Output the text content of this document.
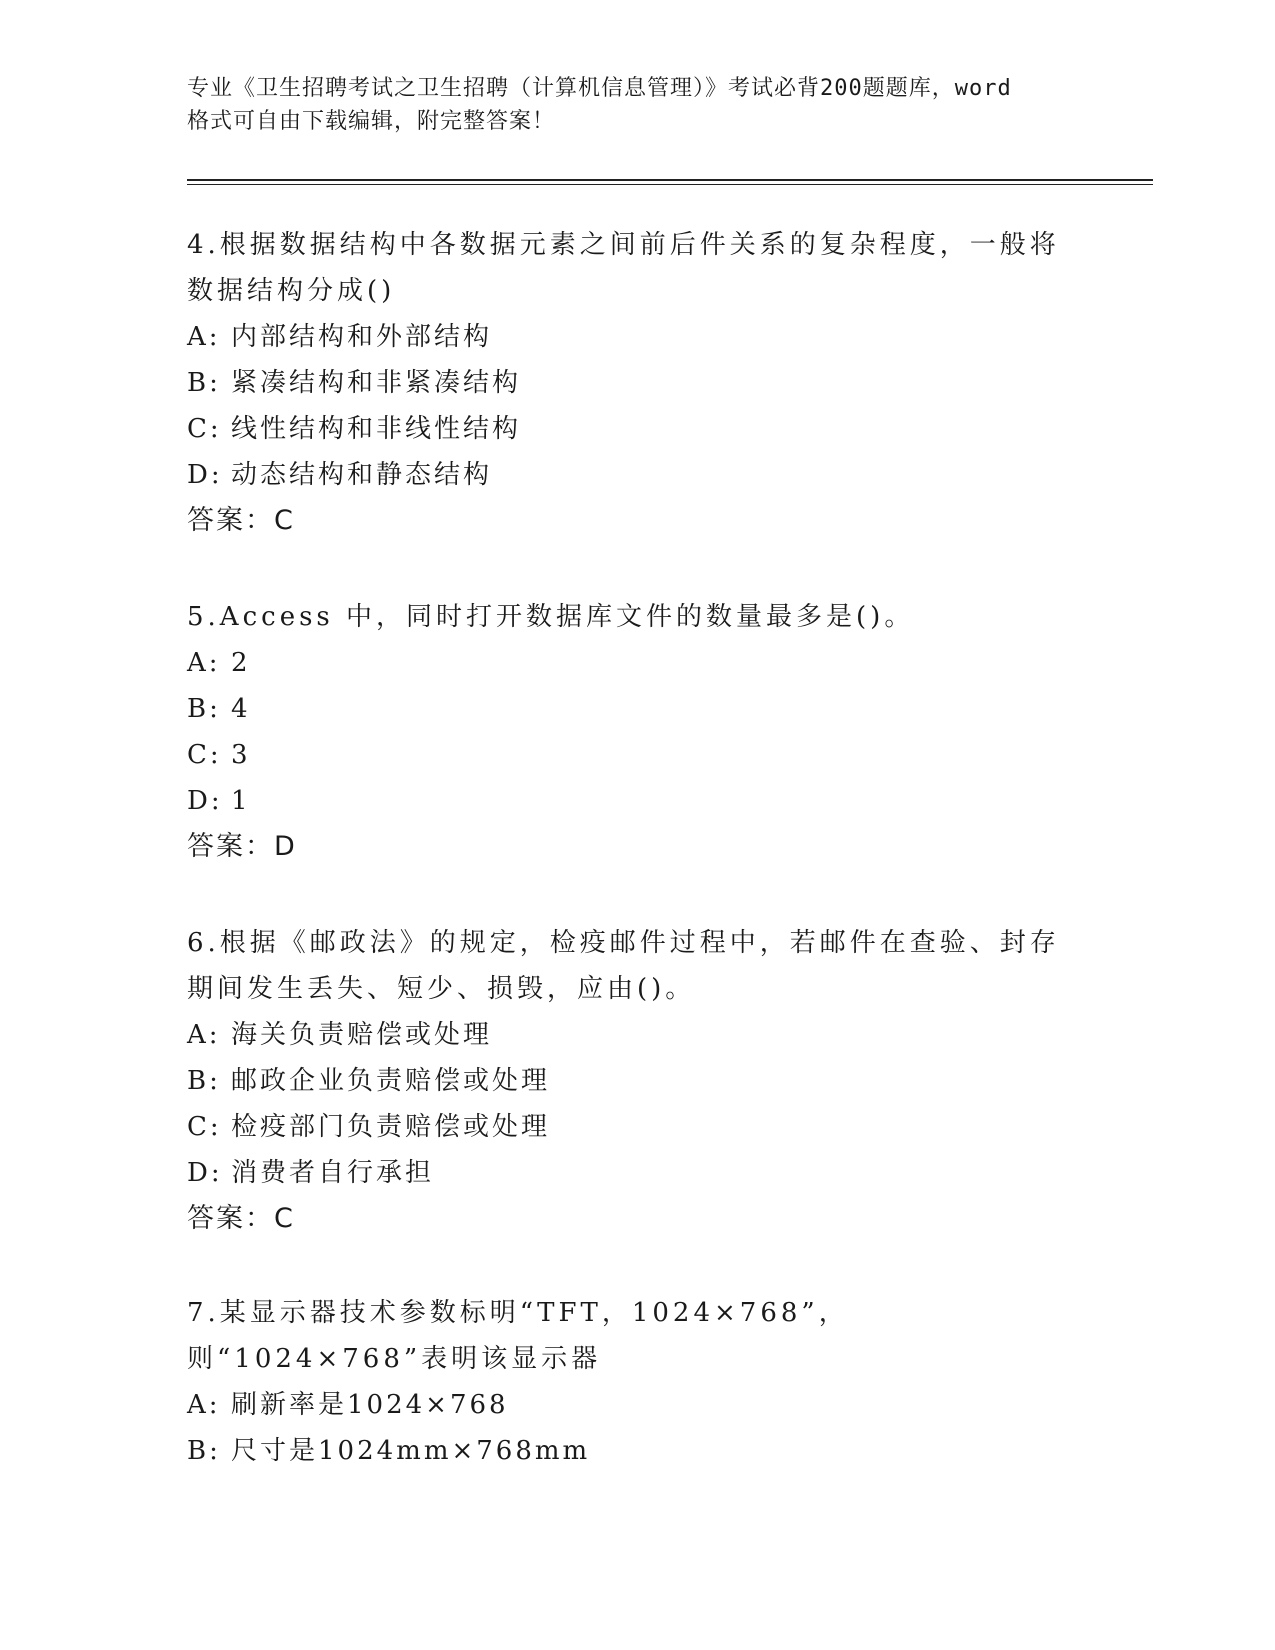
专业《卫生招聘考试之卫生招聘（计算机信息管理）》考试必背200题题库，word
格式可自由下载编辑，附完整答案！
4.根据数据结构中各数据元素之间前后件关系的复杂程度，一般将数据结构分成()
A: 内部结构和外部结构
B: 紧凑结构和非紧凑结构
C: 线性结构和非线性结构
D: 动态结构和静态结构
答案：C
5.Access 中，同时打开数据库文件的数量最多是()。
A: 2
B: 4
C: 3
D: 1
答案：D
6.根据《邮政法》的规定，检疫邮件过程中，若邮件在查验、封存期间发生丢失、短少、损毁，应由()。
A: 海关负责赔偿或处理
B: 邮政企业负责赔偿或处理
C: 检疫部门负责赔偿或处理
D: 消费者自行承担
答案：C
7.某显示器技术参数标明“TFT，1024×768”，则“1024×768”表明该显示器
A: 刷新率是1024×768
B: 尺寸是1024mm×768mm
